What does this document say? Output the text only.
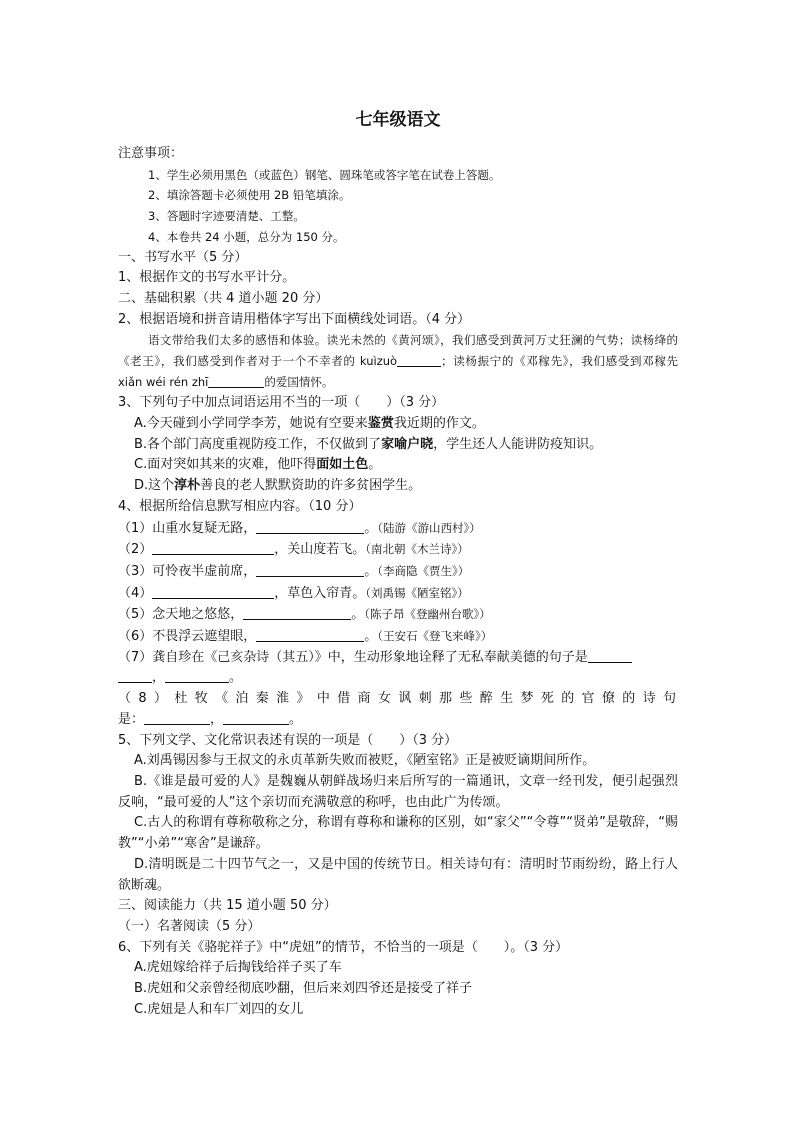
七年级语文
注意事项：
1、学生必须用黑色（或蓝色）钢笔、圆珠笔或答字笔在试卷上答题。
2、填涂答题卡必须使用 2B 铅笔填涂。
3、答题时字迹要清楚、工整。
4、本卷共 24 小题，总分为 150 分。
一、书写水平（5 分）
1、根据作文的书写水平计分。
二、基础积累（共 4 道小题 20 分）
2、根据语境和拼音请用楷体字写出下面横线处词语。（4 分）
语文带给我们太多的感悟和体验。读光未然的《黄河颂》，我们感受到黄河万丈狂澜的气势；读杨绛的《老王》，我们感受到作者对于一个不幸者的 kuìzuò	；读杨振宁的《邓稼先》，我们感受到邓稼先 xiǎn wéi rén zhī	的爱国情怀。
3、下列句子中加点词语运用不当的一项（　　）（3 分）
A.今天碰到小学同学李芳，她说有空要来鉴赏我近期的作文。
B.各个部门高度重视防疫工作，不仅做到了家喻户晓，学生还人人能讲防疫知识。
C.面对突如其来的灾难，他吓得面如土色。
D.这个淳朴善良的老人默默资助的许多贫困学生。
4、根据所给信息默写相应内容。（10 分）
（1）山重水复疑无路，	。（陆游《游山西村》）
（2）	，关山度若飞。（南北朝《木兰诗》）
（3）可怜夜半虚前席，	。（李商隐《贾生》）
（4）	，草色入帘青。（刘禹锡《陋室铭》）
（5）念天地之悠悠，	。（陈子昂《登幽州台歌》）
（6）不畏浮云遮望眼，	。（王安石《登飞来峰》）
（7）龚自珍在《己亥杂诗（其五）》中，生动形象地诠释了无私奉献美德的句子是
，	。
（8）杜牧《泊秦淮》中借商女讽刺那些醉生梦死的官僚的诗句
是：	，	。
5、下列文学、文化常识表述有误的一项是（　　）（3 分）
A.刘禹锡因参与王叔文的永贞革新失败而被贬，《陋室铭》正是被贬谪期间所作。
B.《谁是最可爱的人》是魏巍从朝鲜战场归来后所写的一篇通讯，文章一经刊发，便引起强烈反响，“最可爱的人”这个亲切而充满敬意的称呼，也由此广为传颂。
C.古人的称谓有尊称敬称之分，称谓有尊称和谦称的区别，如“家父”“令尊”“贤弟”是敬辞，“赐教”“小弟”“寒舍”是谦辞。
D.清明既是二十四节气之一，又是中国的传统节日。相关诗句有：清明时节雨纷纷，路上行人欲断魂。
三、阅读能力（共 15 道小题 50 分）
（一）名著阅读（5 分）
6、下列有关《骆驼祥子》中“虎妞”的情节，不恰当的一项是（　　）。（3 分）
A.虎妞嫁给祥子后掏钱给祥子买了车
B.虎妞和父亲曾经彻底吵翻，但后来刘四爷还是接受了祥子
C.虎妞是人和车厂刘四的女儿
